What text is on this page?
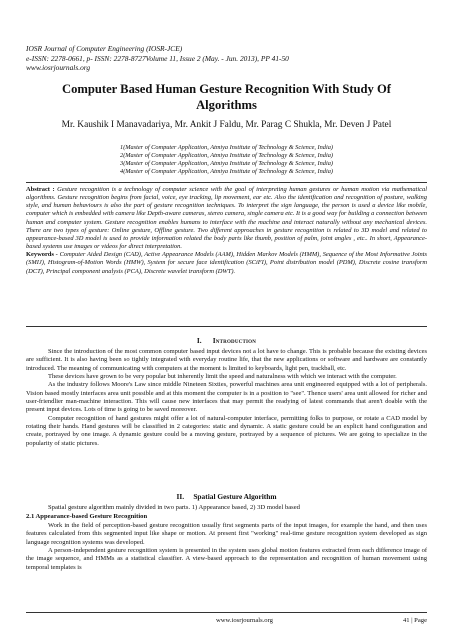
IOSR Journal of Computer Engineering (IOSR-JCE)
e-ISSN: 2278-0661, p- ISSN: 2278-8727Volume 11, Issue 2 (May. - Jun. 2013), PP 41-50
www.iosrjournals.org
Computer Based Human Gesture Recognition With Study Of Algorithms
Mr. Kaushik I Manavadariya, Mr. Ankit J Faldu, Mr. Parag C Shukla, Mr. Deven J Patel
1(Master of Computer Application, Atmiya Institute of Technology & Science, India)
2(Master of Computer Application, Atmiya Institute of Technology & Science, India)
3(Master of Computer Application, Atmiya Institute of Technology & Science, India)
4(Master of Computer Application, Atmiya Institute of Technology & Science, India)
Abstract : Gesture recognition is a technology of computer science with the goal of interpreting human gestures or human motion via mathematical algorithms. Gesture recognition begins from facial, voice, eye tracking, lip movement, ear etc. Also the identification and recognition of posture, walking style, and human behaviours is also the part of gesture recognition techniques. To interpret the sign language, the person is used a device like mobile, computer which is embedded with camera like Depth-aware cameras, stereo camera, single camera etc. It is a good way for building a connection between human and computer system. Gesture recognition enables humans to interface with the machine and interact naturally without any mechanical devices. There are two types of gesture: Online gesture, Offline gesture. Two different approaches in gesture recognition is related to 3D model and related to appearance-based 3D model is used to provide information related the body parts like thumb, position of palm, joint angles , etc.. In short, Appearance-based systems use images or videos for direct interpretation.
Keywords - Computer Aided Design (CAD), Active Appearance Models (AAM), Hidden Markov Models (HMM), Sequence of the Most Informative Joints (SMIJ), Histogram-of-Motion Words (HMW), System for secure face identification (SCiFI), Point distribution model (PDM), Discrete cosine transform (DCT), Principal component analysis (PCA), Discrete wavelet transform (DWT).
I. Introduction

Since the introduction of the most common computer based input devices not a lot have to change. This is probable because the existing devices are sufficient. It is also having been so tightly integrated with everyday routine life, that the new applications or software and hardware are constantly introduced. The meaning of communicating with computers at the moment is limited to keyboards, light pen, trackball, etc.

These devices have grown to be very popular but inherently limit the speed and naturalness with which we interact with the computer.

As the industry follows Moore's Law since middle Nineteen Sixties, powerful machines area unit engineered equipped with a lot of peripherals. Vision based mostly interfaces area unit possible and at this moment the computer is in a position to "see". Thence users' area unit allowed for richer and user-friendlier man-machine interaction. This will cause new interfaces that may permit the readying of latest commands that aren't doable with the present input devices. Lots of time is going to be saved moreover.

Computer recognition of hand gestures might offer a lot of natural-computer interface, permitting folks to purpose, or rotate a CAD model by rotating their hands. Hand gestures will be classified in 2 categories: static and dynamic. A static gesture could be an explicit hand configuration and create, portrayed by one image. A dynamic gesture could be a moving gesture, portrayed by a sequence of pictures. We are going to specialize in the popularity of static pictures.

II. Spatial Gesture Algorithm
Spatial gesture algorithm mainly divided in two parts. 1) Appearance based, 2) 3D model based
2.1 Appearance-based Gesture Recognition

Work in the field of perception-based gesture recognition usually first segments parts of the input images, for example the hand, and then uses features calculated from this segmented input like shape or motion. At present first "working" real-time gesture recognition system developed as sign language recognition systems was developed.

A person-independent gesture recognition system is presented in the system uses global motion features extracted from each difference image of the image sequence, and HMMs as a statistical classifier. A view-based approach to the representation and recognition of human movement using temporal templates is

www.iosrjournals.org	41 | Page
